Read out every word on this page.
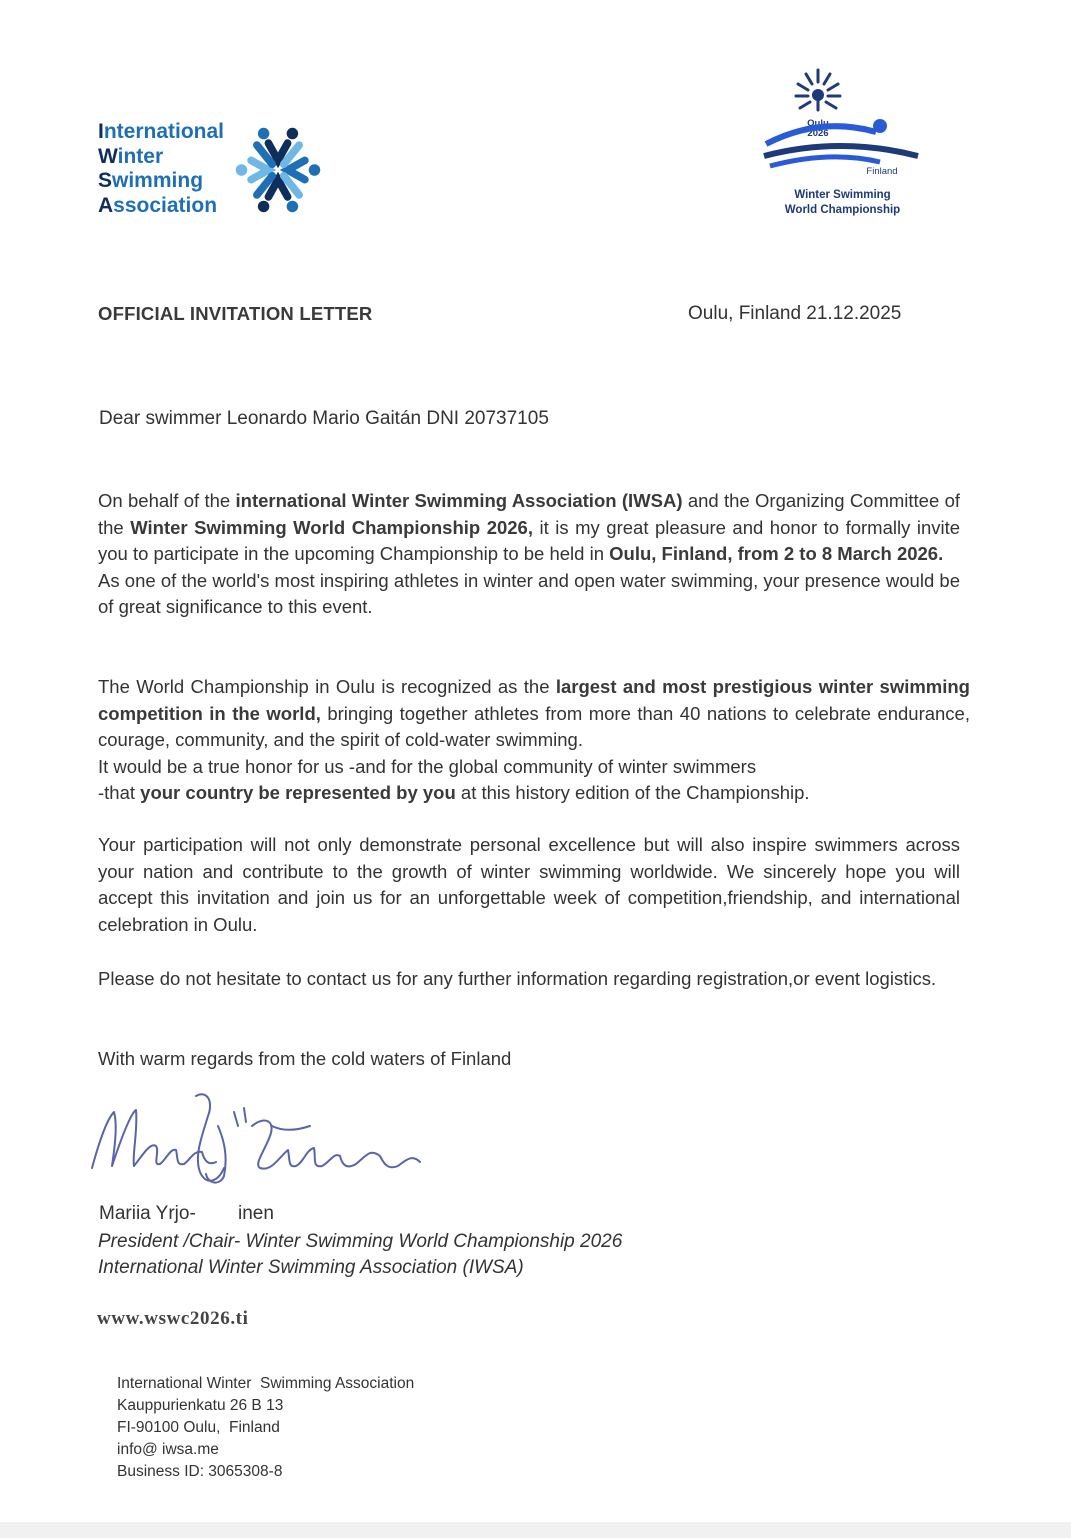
International
Winter
Swimming
Association
Oulu
2026
Finland
Winter Swimming
World Championship
OFFICIAL INVITATION LETTER	Oulu, Finland 21.12.2025
Dear swimmer Leonardo Mario Gaitán DNI 20737105
On behalf of the international Winter Swimming Association (IWSA) and the Organizing Committee of the Winter Swimming World Championship 2026, it is my great pleasure and honor to formally invite you to participate in the upcoming Championship to be held in Oulu, Finland, from 2 to 8 March 2026.
As one of the world's most inspiring athletes in winter and open water swimming, your presence would be of great significance to this event.
The World Championship in Oulu is recognized as the largest and most prestigious winter swimming competition in the world, bringing together athletes from more than 40 nations to celebrate endurance, courage, community, and the spirit of cold-water swimming.
It would be a true honor for us -and for the global community of winter swimmers
-that your country be represented by you at this history edition of the Championship.
Your participation will not only demonstrate personal excellence but will also inspire swimmers across your nation and contribute to the growth of winter swimming worldwide. We sincerely hope you will accept this invitation and join us for an unforgettable week of competition,friendship, and international celebration in Oulu.
Please do not hesitate to contact us for any further information regarding registration,or event logistics.
With warm regards from the cold waters of Finland
Mariia Yrjo-        inen
President /Chair- Winter Swimming World Championship 2026
International Winter Swimming Association (IWSA)
www.wswc2026.ti
International Winter  Swimming Association
Kauppurienkatu 26 B 13
FI-90100 Oulu,  Finland
info@ iwsa.me
Business ID: 3065308-8
